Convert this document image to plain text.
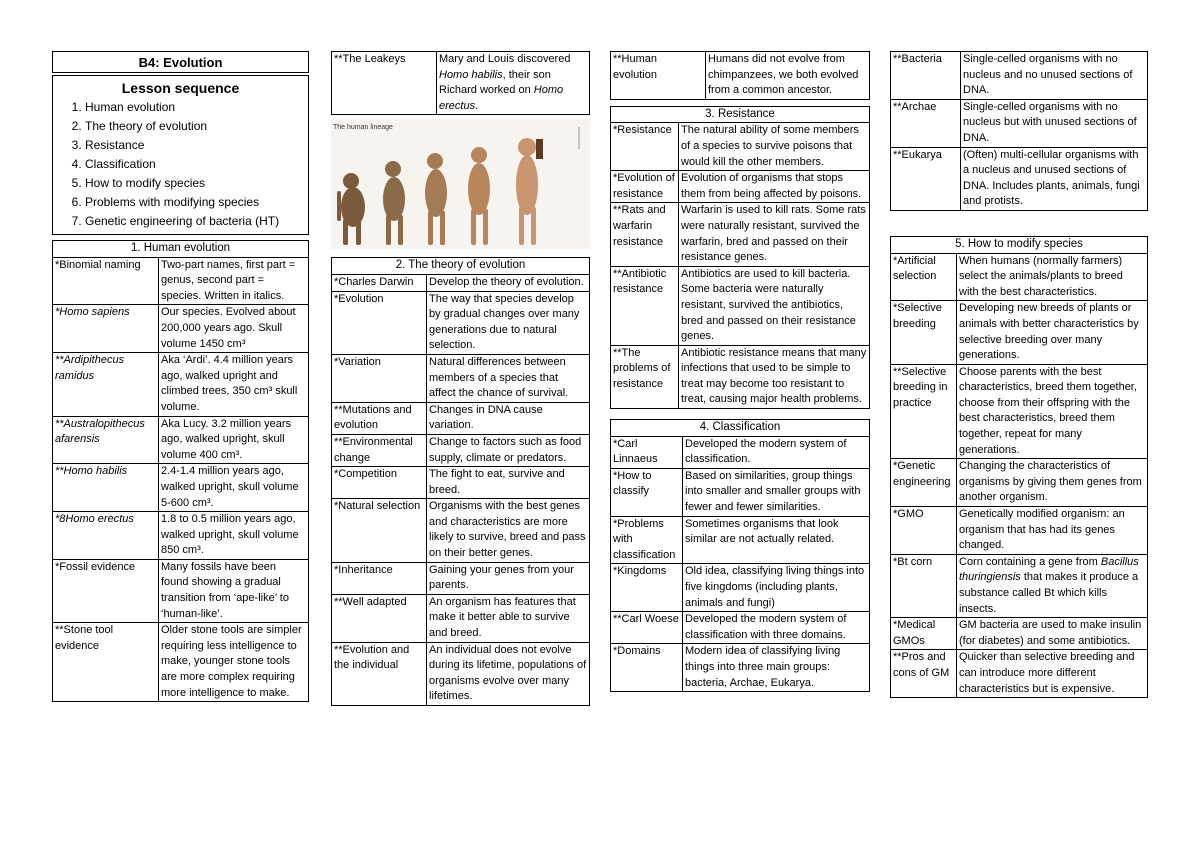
B4: Evolution
Lesson sequence
1. Human evolution
2. The theory of evolution
3. Resistance
4. Classification
5. How to modify species
6. Problems with modifying species
7. Genetic engineering of bacteria (HT)
1. Human evolution	
*Binomial naming	Two-part names, first part = genus, second part = species. Written in italics.
*Homo sapiens	Our species. Evolved about 200,000 years ago. Skull volume 1450 cm³
**Ardipithecus ramidus	Aka ‘Ardi’. 4.4 million years ago, walked upright and climbed trees, 350 cm³ skull volume.
**Australopithecus afarensis	Aka Lucy. 3.2 million years ago, walked upright, skull volume 400 cm³.
**Homo habilis	2.4-1.4 million years ago, walked upright, skull volume 5-600 cm³.
*8Homo erectus	1.8 to 0.5 million years ago, walked upright, skull volume 850 cm³.
*Fossil evidence	Many fossils have been found showing a gradual transition from ‘ape-like’ to ‘human-like’.
**Stone tool evidence	Older stone tools are simpler requiring less intelligence to make, younger stone tools are more complex requiring more intelligence to make.
**The Leakeys	Mary and Louis discovered Homo habilis, their son Richard worked on Homo erectus.
The human lineage
2. The theory of evolution	
*Charles Darwin	Develop the theory of evolution.
*Evolution	The way that species develop by gradual changes over many generations due to natural selection.
*Variation	Natural differences between members of a species that affect the chance of survival.
**Mutations and evolution	Changes in DNA cause variation.
**Environmental change	Change to factors such as food supply, climate or predators.
*Competition	The fight to eat, survive and breed.
*Natural selection	Organisms with the best genes and characteristics are more likely to survive, breed and pass on their better genes.
*Inheritance	Gaining your genes from your parents.
**Well adapted	An organism has features that make it better able to survive and breed.
**Evolution and the individual	An individual does not evolve during its lifetime, populations of organisms evolve over many lifetimes.
**Human evolution	Humans did not evolve from chimpanzees, we both evolved from a common ancestor.
3. Resistance	
*Resistance	The natural ability of some members of a species to survive poisons that would kill the other members.
*Evolution of resistance	Evolution of organisms that stops them from being affected by poisons.
**Rats and warfarin resistance	Warfarin is used to kill rats. Some rats were naturally resistant, survived the warfarin, bred and passed on their resistance genes.
**Antibiotic resistance	Antibiotics are used to kill bacteria. Some bacteria were naturally resistant, survived the antibiotics, bred and passed on their resistance genes.
**The problems of resistance	Antibiotic resistance means that many infections that used to be simple to treat may become too resistant to treat, causing major health problems.
4. Classification	
*Carl Linnaeus	Developed the modern system of classification.
*How to classify	Based on similarities, group things into smaller and smaller groups with fewer and fewer similarities.
*Problems with classification	Sometimes organisms that look similar are not actually related.
*Kingdoms	Old idea, classifying living things into five kingdoms (including plants, animals and fungi)
**Carl Woese	Developed the modern system of classification with three domains.
*Domains	Modern idea of classifying living things into three main groups: bacteria, Archae, Eukarya.
**Bacteria	Single-celled organisms with no nucleus and no unused sections of DNA.
**Archae	Single-celled organisms with no nucleus but with unused sections of DNA.
**Eukarya	(Often) multi-cellular organisms with a nucleus and unused sections of DNA. Includes plants, animals, fungi and protists.
5. How to modify species	
*Artificial selection	When humans (normally farmers) select the animals/plants to breed with the best characteristics.
*Selective breeding	Developing new breeds of plants or animals with better characteristics by selective breeding over many generations.
**Selective breeding in practice	Choose parents with the best characteristics, breed them together, choose from their offspring with the best characteristics, breed them together, repeat for many generations.
*Genetic engineering	Changing the characteristics of organisms by giving them genes from another organism.
*GMO	Genetically modified organism: an organism that has had its genes changed.
*Bt corn	Corn containing a gene from Bacillus thuringiensis that makes it produce a substance called Bt which kills insects.
*Medical GMOs	GM bacteria are used to make insulin (for diabetes) and some antibiotics.
**Pros and cons of GM	Quicker than selective breeding and can introduce more different characteristics but is expensive.
